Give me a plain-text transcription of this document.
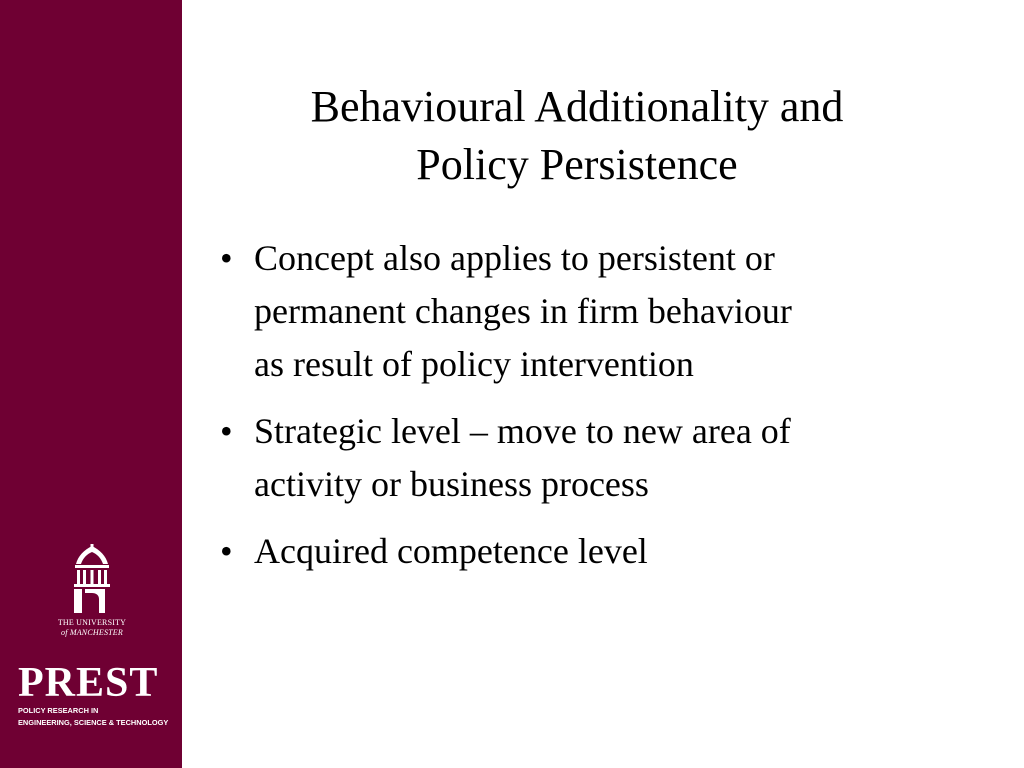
THE UNIVERSITY
of MANCHESTER
PREST
POLICY RESEARCH IN
ENGINEERING, SCIENCE & TECHNOLOGY
Behavioural Additionality and
Policy Persistence
• Concept also applies to persistent or
permanent changes in firm behaviour
as result of policy intervention
• Strategic level – move to new area of
activity or business process
• Acquired competence level
